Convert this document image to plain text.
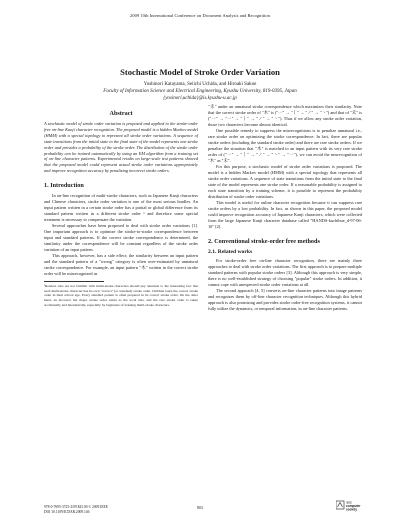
2009 10th International Conference on Document Analysis and Recognition
Stochastic Model of Stroke Order Variation
Yoshinori Katayama, Seiichi Uchida, and Hiroaki Sakoe
Faculty of Information Science and Electrical Engineering, Kyushu University, 819-0395, Japan
{yosinori,uchida}@is.kyushu-u.ac.jp
Abstract

A stochastic model of stroke order variation is proposed and applied to the stroke-order free on-line Kanji character recognition. The proposed model is a hidden Markov model (HMM) with a special topology to represent all stroke order variations. A sequence of state transitions from the initial state to the final state of the model represents one stroke order and provides a probability of the stroke order. The distribution of the stroke order probability can be trained automatically by using an EM algorithm from a training set of on-line character patterns. Experimental results on large-scale test patterns showed that the proposed model could represent actual stroke order variations appropriately and improve recognition accuracy by penalizing incorrect stroke orders.

1. Introduction

In on-line recognition of multi-stroke characters, such as Japanese Kanji characters and Chinese characters, stroke order variation is one of the most serious hurdles. An input pattern written in a certain stroke order has a partial or global difference from its standard pattern written in a different stroke order ¹ and therefore some special treatment is necessary to compensate the variation.

Several approaches have been proposed to deal with stroke order variations [1]. One important approach is to optimize the stroke-to-stroke correspondence between input and standard patterns. If the correct stroke correspondence is determined, the similarity under the correspondence will be constant regardless of the stroke order variation of an input pattern.

This approach, however, has a side effect; the similarity between an input pattern and the standard pattern of a "wrong" category is often over-estimated by unnatural stroke correspondence. For example, an input pattern "木" written in the correct stroke order will be misrecognized as

¹Readers who are not familiar with multi-stroke characters should pay attention to the interesting fact that each multi-stroke character has its own "correct" (or standard) stroke order. Children learn the correct stroke order in their school age. Every standard pattern is often prepared in its correct stroke order. On the other hand, an incorrect but major stroke order exists as the local rule, and the rare stroke order is taken accidentally and intentionally, especially by beginners of learning multi-stroke characters.

"未" under an unnatural stroke correspondence which maximizes their similarity. Note that the correct stroke order of "木" is ("一" → "丨" → "ノ" → "丶") and that of "未" is ("一" → "一" → "丨" → "ノ" → "丶"). Thus if we allow any stroke order variation, those two characters become almost identical.

One possible remedy to suppress the misrecognitions is to penalize unnatural i.e., rare stroke order on optimizing the stroke correspondence. In fact, there are popular stroke orders (including the standard stroke order) and there are rare stroke orders. If we penalize the situation that "木" is matched to an input pattern with its very rare stroke order of ("一" → "丨" → "ノ" → "丶" → "一"), we can avoid the misrecognition of "木" as "未".

For this purpose, a stochastic model of stroke order variations is proposed. The model is a hidden Markov model (HMM) with a special topology that represents all stroke order variations. A sequence of state transitions from the initial state to the final state of the model represents one stroke order. If a reasonable probability is assigned to each state transition by a training scheme, it is possible to represent the probability distribution of stroke order variations.

This model is useful for online character recognition because it can suppress rare stroke orders by a low probability. In fact, as shown in this paper, the proposed model could improve recognition accuracy of Japanese Kanji characters, which were collected from the large Japanese Kanji character database called "HANDS-kuchibue_d-97-06-10" [2].

2. Conventional stroke-order free methods
2.1. Related works

For stroke-order free on-line character recognition, there are mainly three approaches to deal with stroke order variations. The first approach is to prepare multiple standard patterns with popular stroke orders [3]. Although this approach is very simple, there is no well-established strategy of choosing "popular" stroke orders. In addition, it cannot cope with unexpected stroke order variations at all.

The second approach [4, 5] converts on-line character patterns into image patterns and recognizes them by off-line character recognition techniques. Although this hybrid approach is also promising and provides stroke order-free recognition systems, it cannot fully utilize the dynamics, or temporal information, in on-line character patterns.

978-0-7695-3725-2/09 $25.00 © 2009 IEEE
DOI 10.1109/ICDAR.2009.146
803
IEEE
computer
society
